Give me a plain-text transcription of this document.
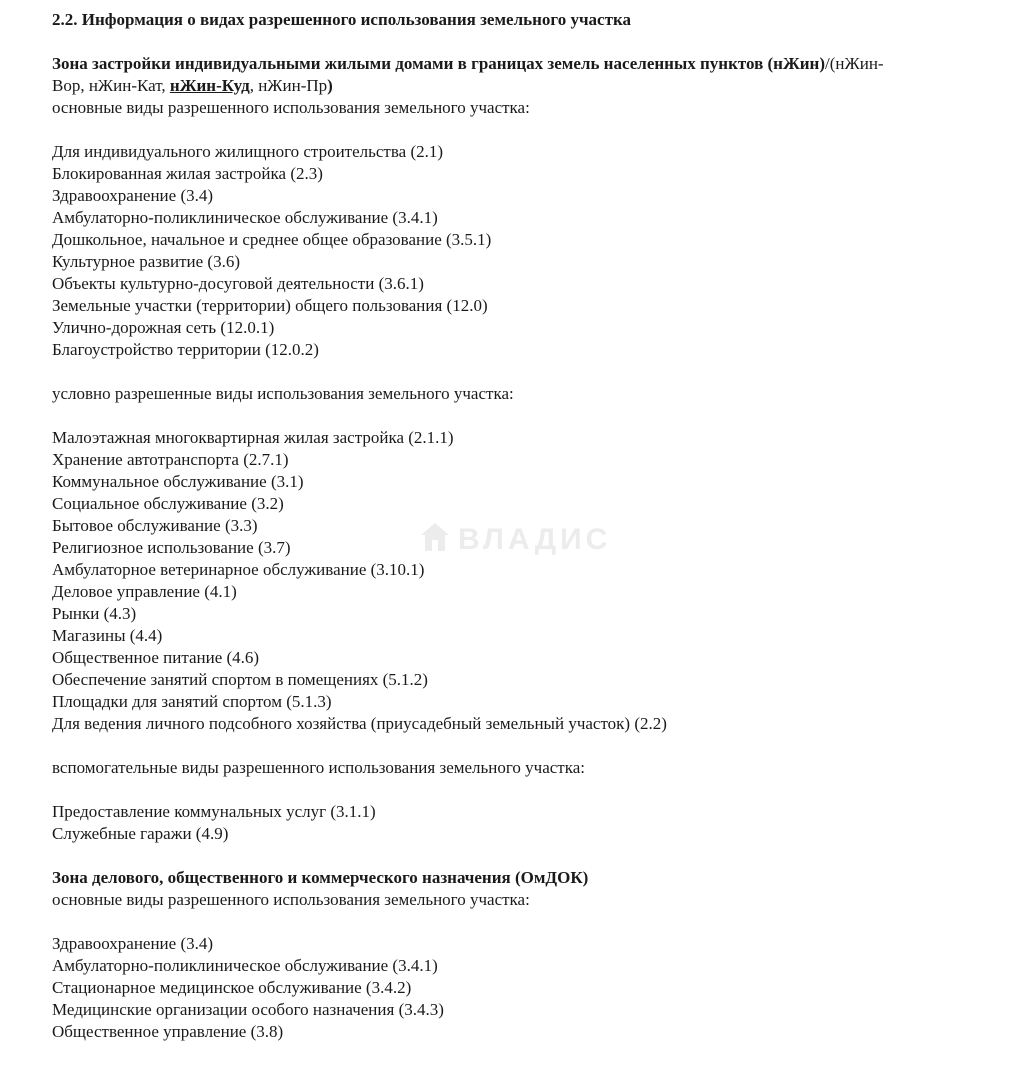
2.2. Информация о видах разрешенного использования земельного участка
Зона застройки индивидуальными жилыми домами в границах земель населенных пунктов (нЖин)/(нЖин-
Вор, нЖин-Кат, нЖин-Куд, нЖин-Пр)
основные виды разрешенного использования земельного участка:
Для индивидуального жилищного строительства (2.1)
Блокированная жилая застройка (2.3)
Здравоохранение (3.4)
Амбулаторно-поликлиническое обслуживание (3.4.1)
Дошкольное, начальное и среднее общее образование (3.5.1)
Культурное развитие (3.6)
Объекты культурно-досуговой деятельности (3.6.1)
Земельные участки (территории) общего пользования (12.0)
Улично-дорожная сеть (12.0.1)
Благоустройство территории (12.0.2)
условно разрешенные виды использования земельного участка:
Малоэтажная многоквартирная жилая застройка (2.1.1)
Хранение автотранспорта (2.7.1)
Коммунальное обслуживание (3.1)
Социальное обслуживание (3.2)
Бытовое обслуживание (3.3)
Религиозное использование (3.7)
Амбулаторное ветеринарное обслуживание (3.10.1)
Деловое управление (4.1)
Рынки (4.3)
Магазины (4.4)
Общественное питание (4.6)
Обеспечение занятий спортом в помещениях (5.1.2)
Площадки для занятий спортом (5.1.3)
Для ведения личного подсобного хозяйства (приусадебный земельный участок) (2.2)
вспомогательные виды разрешенного использования земельного участка:
Предоставление коммунальных услуг (3.1.1)
Служебные гаражи (4.9)
Зона делового, общественного и коммерческого назначения (ОмДОК)
основные виды разрешенного использования земельного участка:
Здравоохранение (3.4)
Амбулаторно-поликлиническое обслуживание (3.4.1)
Стационарное медицинское обслуживание (3.4.2)
Медицинские организации особого назначения (3.4.3)
Общественное управление (3.8)
ВЛАДИС
